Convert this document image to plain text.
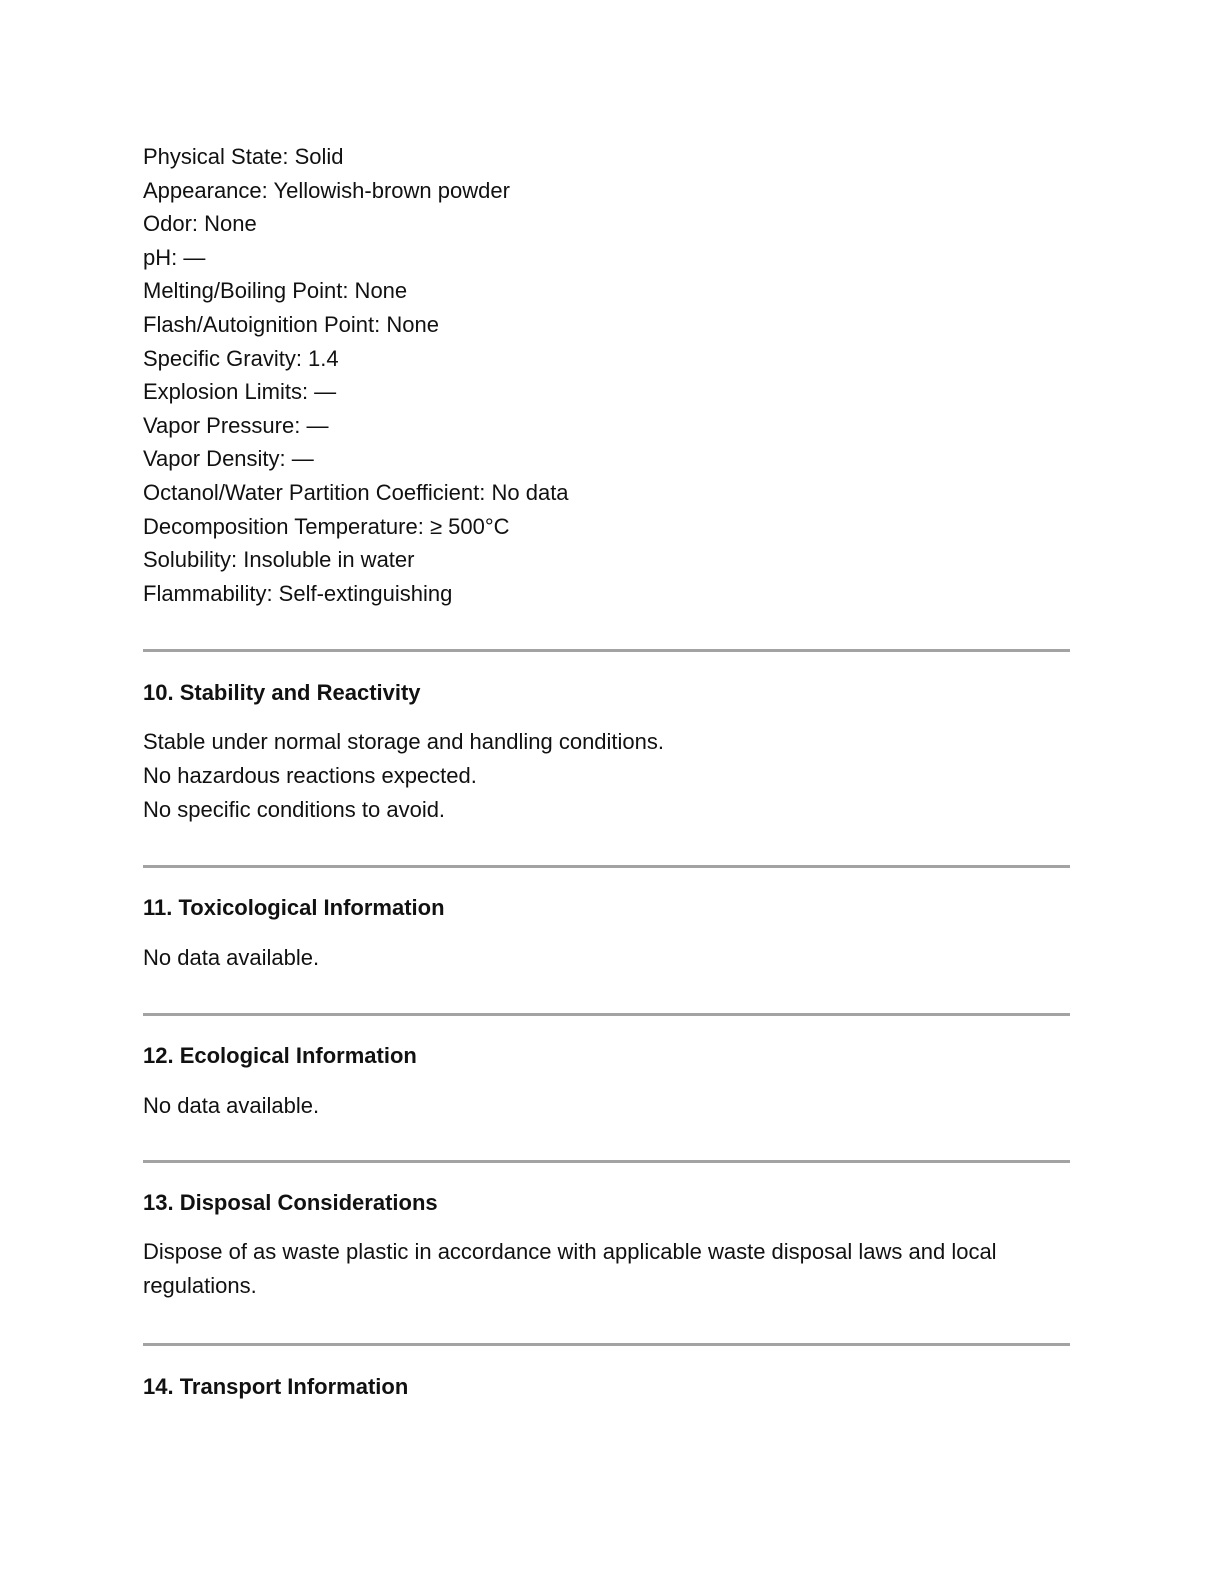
Physical State: Solid

Appearance: Yellowish-brown powder

Odor: None

pH: —

Melting/Boiling Point: None

Flash/Autoignition Point: None

Specific Gravity: 1.4

Explosion Limits: —

Vapor Pressure: —

Vapor Density: —

Octanol/Water Partition Coefficient: No data

Decomposition Temperature: ≥ 500°C

Solubility: Insoluble in water

Flammability: Self-extinguishing

10. Stability and Reactivity

Stable under normal storage and handling conditions.

No hazardous reactions expected.

No specific conditions to avoid.

11. Toxicological Information

No data available.

12. Ecological Information

No data available.

13. Disposal Considerations

Dispose of as waste plastic in accordance with applicable waste disposal laws and local regulations.

14. Transport Information
